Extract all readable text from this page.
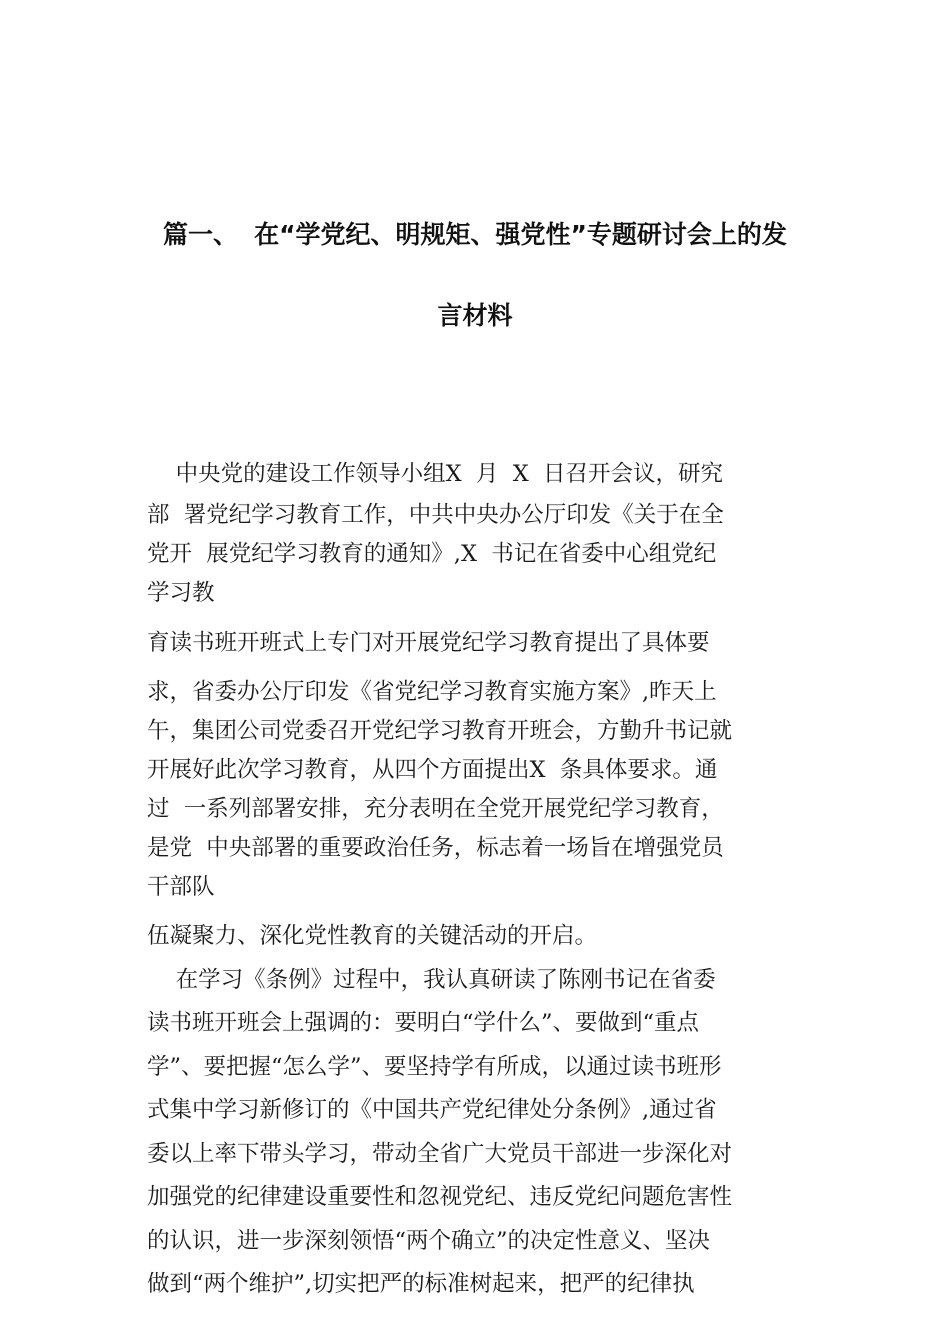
篇一、 在“学党纪、明规矩、强党性”专题研讨会上的发
言材料
中央党的建设工作领导小组X  月  X  日召开会议，研究
部  署党纪学习教育工作，中共中央办公厅印发《关于在全
党开  展党纪学习教育的通知》,X  书记在省委中心组党纪
学习教
育读书班开班式上专门对开展党纪学习教育提出了具体要
求，省委办公厅印发《省党纪学习教育实施方案》,昨天上
午，集团公司党委召开党纪学习教育开班会，方勤升书记就
开展好此次学习教育，从四个方面提出X  条具体要求。通
过  一系列部署安排，充分表明在全党开展党纪学习教育，
是党  中央部署的重要政治任务，标志着一场旨在增强党员
干部队
伍凝聚力、深化党性教育的关键活动的开启。
在学习《条例》过程中，我认真研读了陈刚书记在省委
读书班开班会上强调的：要明白“学什么”、要做到“重点
学”、要把握“怎么学”、要坚持学有所成，以通过读书班形
式集中学习新修订的《中国共产党纪律处分条例》,通过省
委以上率下带头学习，带动全省广大党员干部进一步深化对
加强党的纪律建设重要性和忽视党纪、违反党纪问题危害性
的认识，进一步深刻领悟“两个确立”的决定性意义、坚决
做到“两个维护”,切实把严的标准树起来，把严的纪律执
